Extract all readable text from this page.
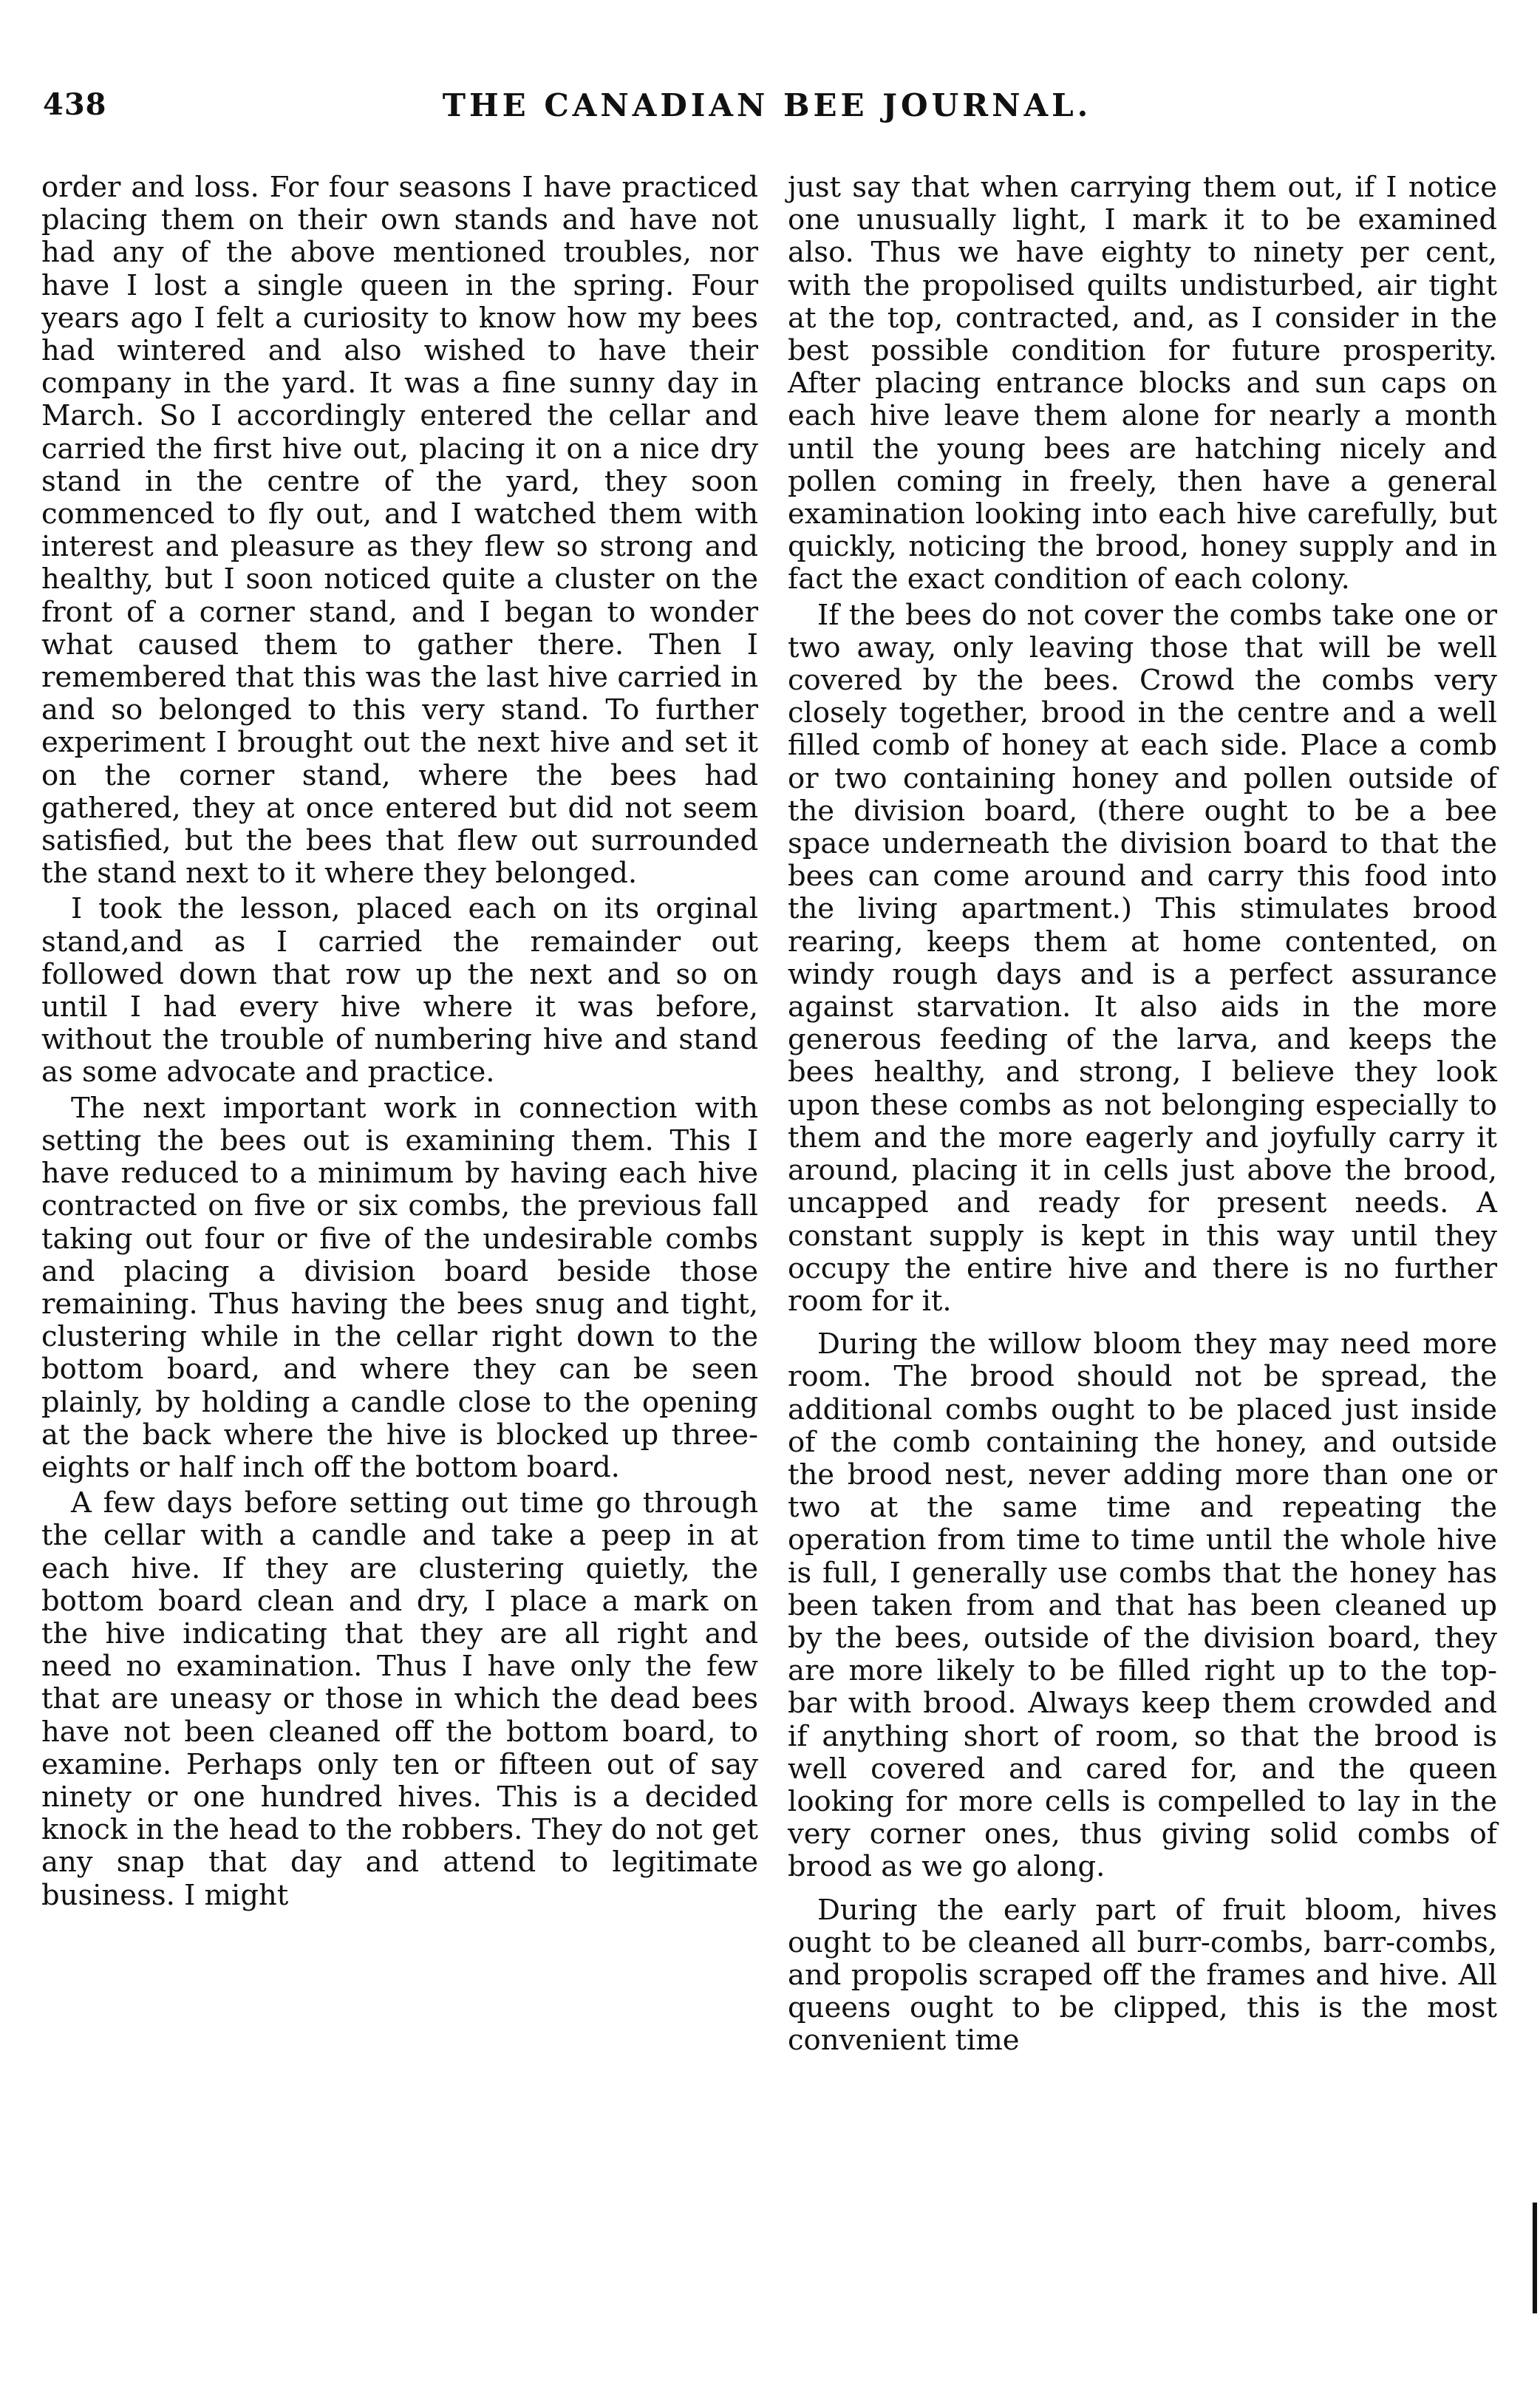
438	THE CANADIAN BEE JOURNAL.

order and loss. For four seasons I have practiced placing them on their own stands and have not had any of the above mentioned troubles, nor have I lost a single queen in the spring. Four years ago I felt a curiosity to know how my bees had wintered and also wished to have their company in the yard. It was a fine sunny day in March. So I accordingly entered the cellar and carried the first hive out, placing it on a nice dry stand in the centre of the yard, they soon commenced to fly out, and I watched them with interest and pleasure as they flew so strong and healthy, but I soon noticed quite a cluster on the front of a corner stand, and I began to wonder what caused them to gather there. Then I remembered that this was the last hive carried in and so belonged to this very stand. To further experiment I brought out the next hive and set it on the corner stand, where the bees had gathered, they at once entered but did not seem satisfied, but the bees that flew out surrounded the stand next to it where they belonged.

I took the lesson, placed each on its orginal stand,and as I carried the remainder out followed down that row up the next and so on until I had every hive where it was before, without the trouble of numbering hive and stand as some advocate and practice.

The next important work in connection with setting the bees out is examining them. This I have reduced to a minimum by having each hive contracted on five or six combs, the previous fall taking out four or five of the undesirable combs and placing a division board beside those remaining. Thus having the bees snug and tight, clustering while in the cellar right down to the bottom board, and where they can be seen plainly, by holding a candle close to the opening at the back where the hive is blocked up three-eights or half inch off the bottom board.

A few days before setting out time go through the cellar with a candle and take a peep in at each hive. If they are clustering quietly, the bottom board clean and dry, I place a mark on the hive indicating that they are all right and need no examination. Thus I have only the few that are uneasy or those in which the dead bees have not been cleaned off the bottom board, to examine. Perhaps only ten or fifteen out of say ninety or one hundred hives. This is a decided knock in the head to the robbers. They do not get any snap that day and attend to legitimate business. I might

just say that when carrying them out, if I notice one unusually light, I mark it to be examined also. Thus we have eighty to ninety per cent, with the propolised quilts undisturbed, air tight at the top, contracted, and, as I consider in the best possible condition for future prosperity. After placing entrance blocks and sun caps on each hive leave them alone for nearly a month until the young bees are hatching nicely and pollen coming in freely, then have a general examination looking into each hive carefully, but quickly, noticing the brood, honey supply and in fact the exact condition of each colony.

If the bees do not cover the combs take one or two away, only leaving those that will be well covered by the bees. Crowd the combs very closely together, brood in the centre and a well filled comb of honey at each side. Place a comb or two containing honey and pollen outside of the division board, (there ought to be a bee space underneath the division board to that the bees can come around and carry this food into the living apartment.) This stimulates brood rearing, keeps them at home contented, on windy rough days and is a perfect assurance against starvation. It also aids in the more generous feeding of the larva, and keeps the bees healthy, and strong, I believe they look upon these combs as not belonging especially to them and the more eagerly and joyfully carry it around, placing it in cells just above the brood, uncapped and ready for present needs. A constant supply is kept in this way until they occupy the entire hive and there is no further room for it.

During the willow bloom they may need more room. The brood should not be spread, the additional combs ought to be placed just inside of the comb containing the honey, and outside the brood nest, never adding more than one or two at the same time and repeating the operation from time to time until the whole hive is full, I generally use combs that the honey has been taken from and that has been cleaned up by the bees, outside of the division board, they are more likely to be filled right up to the top-bar with brood. Always keep them crowded and if anything short of room, so that the brood is well covered and cared for, and the queen looking for more cells is compelled to lay in the very corner ones, thus giving solid combs of brood as we go along.

During the early part of fruit bloom, hives ought to be cleaned all burr-combs, barr-combs, and propolis scraped off the frames and hive. All queens ought to be clipped, this is the most convenient time
